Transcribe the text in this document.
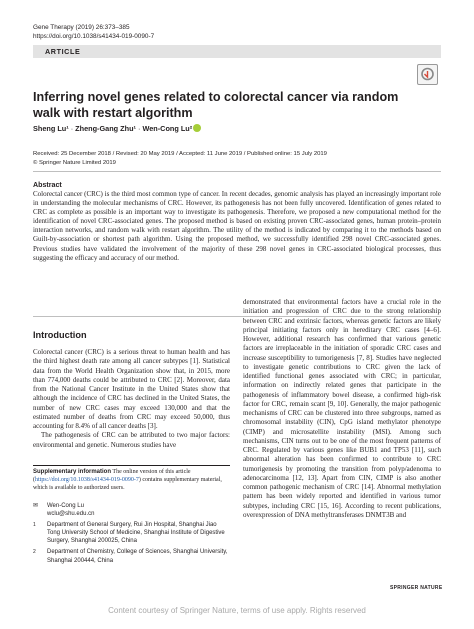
Gene Therapy (2019) 26:373–385
https://doi.org/10.1038/s41434-019-0090-7
ARTICLE
Inferring novel genes related to colorectal cancer via random walk with restart algorithm
Sheng Lu¹ · Zheng-Gang Zhu¹ · Wen-Cong Lu²
Received: 25 December 2018 / Revised: 20 May 2019 / Accepted: 11 June 2019 / Published online: 15 July 2019
© Springer Nature Limited 2019
Abstract
Colorectal cancer (CRC) is the third most common type of cancer. In recent decades, genomic analysis has played an increasingly important role in understanding the molecular mechanisms of CRC. However, its pathogenesis has not been fully uncovered. Identification of genes related to CRC as complete as possible is an important way to investigate its pathogenesis. Therefore, we proposed a new computational method for the identification of novel CRC-associated genes. The proposed method is based on existing proven CRC-associated genes, human protein–protein interaction networks, and random walk with restart algorithm. The utility of the method is indicated by comparing it to the methods based on Guilt-by-association or shortest path algorithm. Using the proposed method, we successfully identified 298 novel CRC-associated genes. Previous studies have validated the involvement of the majority of these 298 novel genes in CRC-associated biological processes, thus suggesting the efficacy and accuracy of our method.
Introduction

Colorectal cancer (CRC) is a serious threat to human health and has the third highest death rate among all cancer subtypes [1]. Statistical data from the World Health Organization show that, in 2015, more than 774,000 deaths could be attributed to CRC [2]. Moreover, data from the National Cancer Institute in the United States show that although the incidence of CRC has declined in the United States, the number of new CRC cases may exceed 130,000 and that the estimated number of deaths from CRC may exceed 50,000, thus accounting for 8.4% of all cancer deaths [3].

The pathogenesis of CRC can be attributed to two major factors: environmental and genetic. Numerous studies have

demonstrated that environmental factors have a crucial role in the initiation and progression of CRC due to the strong relationship between CRC and extrinsic factors, whereas genetic factors are likely principal initiating factors only in hereditary CRC cases [4–6]. However, additional research has confirmed that various genetic factors are irreplaceable in the initiation of sporadic CRC cases and increase susceptibility to tumorigenesis [7, 8]. Studies have neglected to investigate genetic contributions to CRC given the lack of identified functional genes associated with CRC; in particular, information on indirectly related genes that participate in the pathogenesis of inflammatory bowel disease, a confirmed high-risk factor for CRC, remain scant [9, 10]. Generally, the major pathogenic mechanisms of CRC can be clustered into three subgroups, named as chromosomal instability (CIN), CpG island methylator phenotype (CIMP) and microsatellite instability (MSI). Among such mechanisms, CIN turns out to be one of the most frequent patterns of CRC. Regulated by various genes like BUB1 and TP53 [11], such abnormal alteration has been confirmed to contribute to CRC tumorigenesis by promoting the transition from polyp/adenoma to adenocarcinoma [12, 13]. Apart from CIN, CIMP is also another common pathogenic mechanism of CRC [14]. Abnormal methylation pattern has been widely reported and identified in various tumor subtypes, including CRC [15, 16]. According to recent publications, overexpression of DNA methyltransferases DNMT3B and
Supplementary information The online version of this article (https://doi.org/10.1038/s41434-019-0090-7) contains supplementary material, which is available to authorized users.
✉ Wen-Cong Lu
wclu@shu.edu.cn
1 Department of General Surgery, Rui Jin Hospital, Shanghai Jiao Tong University School of Medicine, Shanghai Institute of Digestive Surgery, Shanghai 200025, China
2 Department of Chemistry, College of Sciences, Shanghai University, Shanghai 200444, China
SPRINGER NATURE
Content courtesy of Springer Nature, terms of use apply. Rights reserved
